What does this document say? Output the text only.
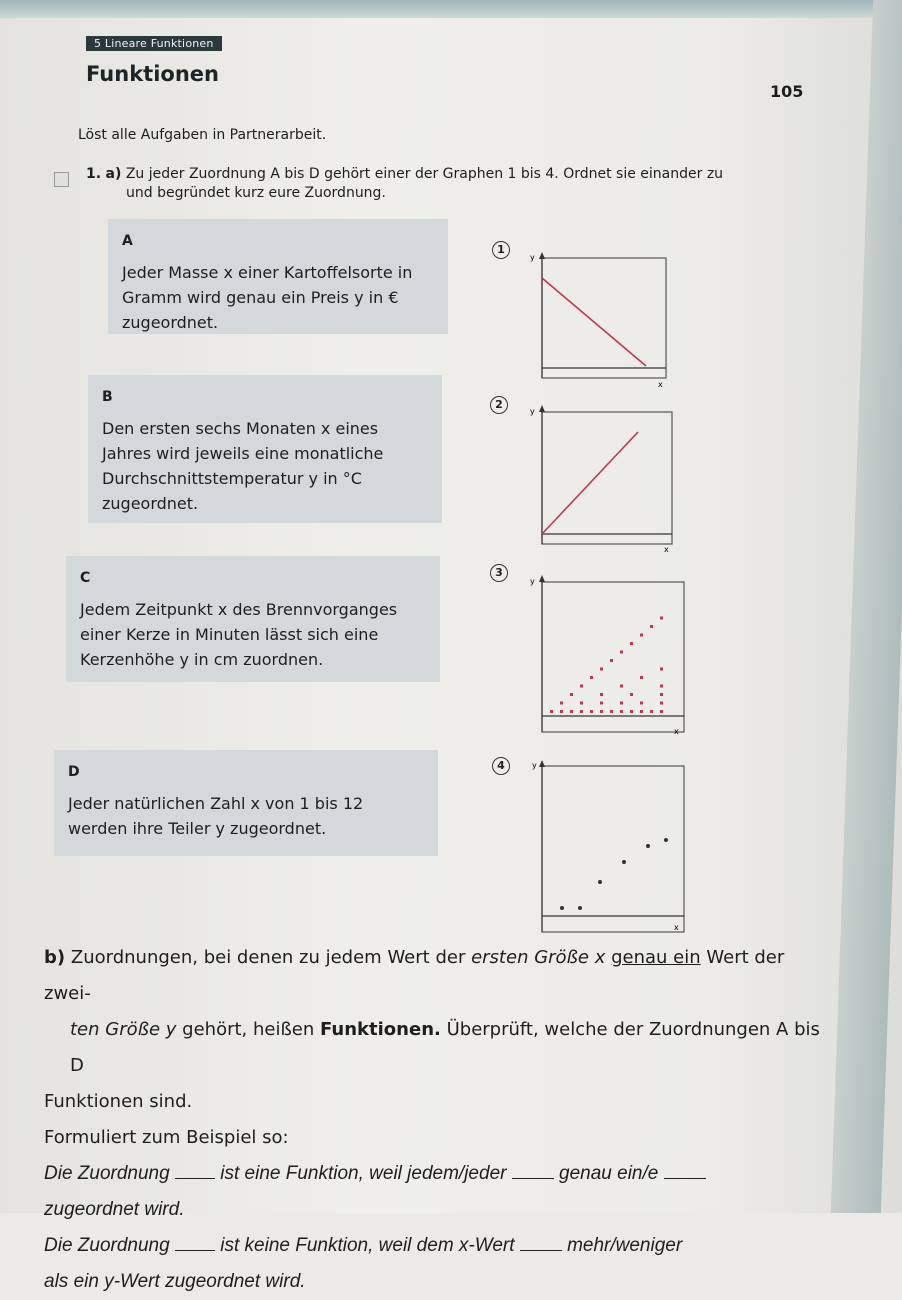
5 Lineare Funktionen
Funktionen
105
Löst alle Aufgaben in Partnerarbeit.
1. a) Zu jeder Zuordnung A bis D gehört einer der Graphen 1 bis 4. Ordnet sie einander zu
und begründet kurz eure Zuordnung.
A
Jeder Masse x einer Kartoffelsorte in
Gramm wird genau ein Preis y in €
zugeordnet.
B
Den ersten sechs Monaten x eines
Jahres wird jeweils eine monatliche
Durchschnittstemperatur y in °C
zugeordnet.
C
Jedem Zeitpunkt x des Brennvorganges
einer Kerze in Minuten lässt sich eine
Kerzenhöhe y in cm zuordnen.
D
Jeder natürlichen Zahl x von 1 bis 12
werden ihre Teiler y zugeordnet.
1
y
x
2
y
x
3
y
x
4	y
x
b) Zuordnungen, bei denen zu jedem Wert der ersten Größe x genau ein Wert der zwei-
ten Größe y gehört, heißen Funktionen. Überprüft, welche der Zuordnungen A bis D
Funktionen sind.
Formuliert zum Beispiel so:
Die Zuordnung	ist eine Funktion, weil jedem/jeder	genau ein/e
zugeordnet wird.
Die Zuordnung	ist keine Funktion, weil dem x-Wert	mehr/weniger
als ein y-Wert zugeordnet wird.
